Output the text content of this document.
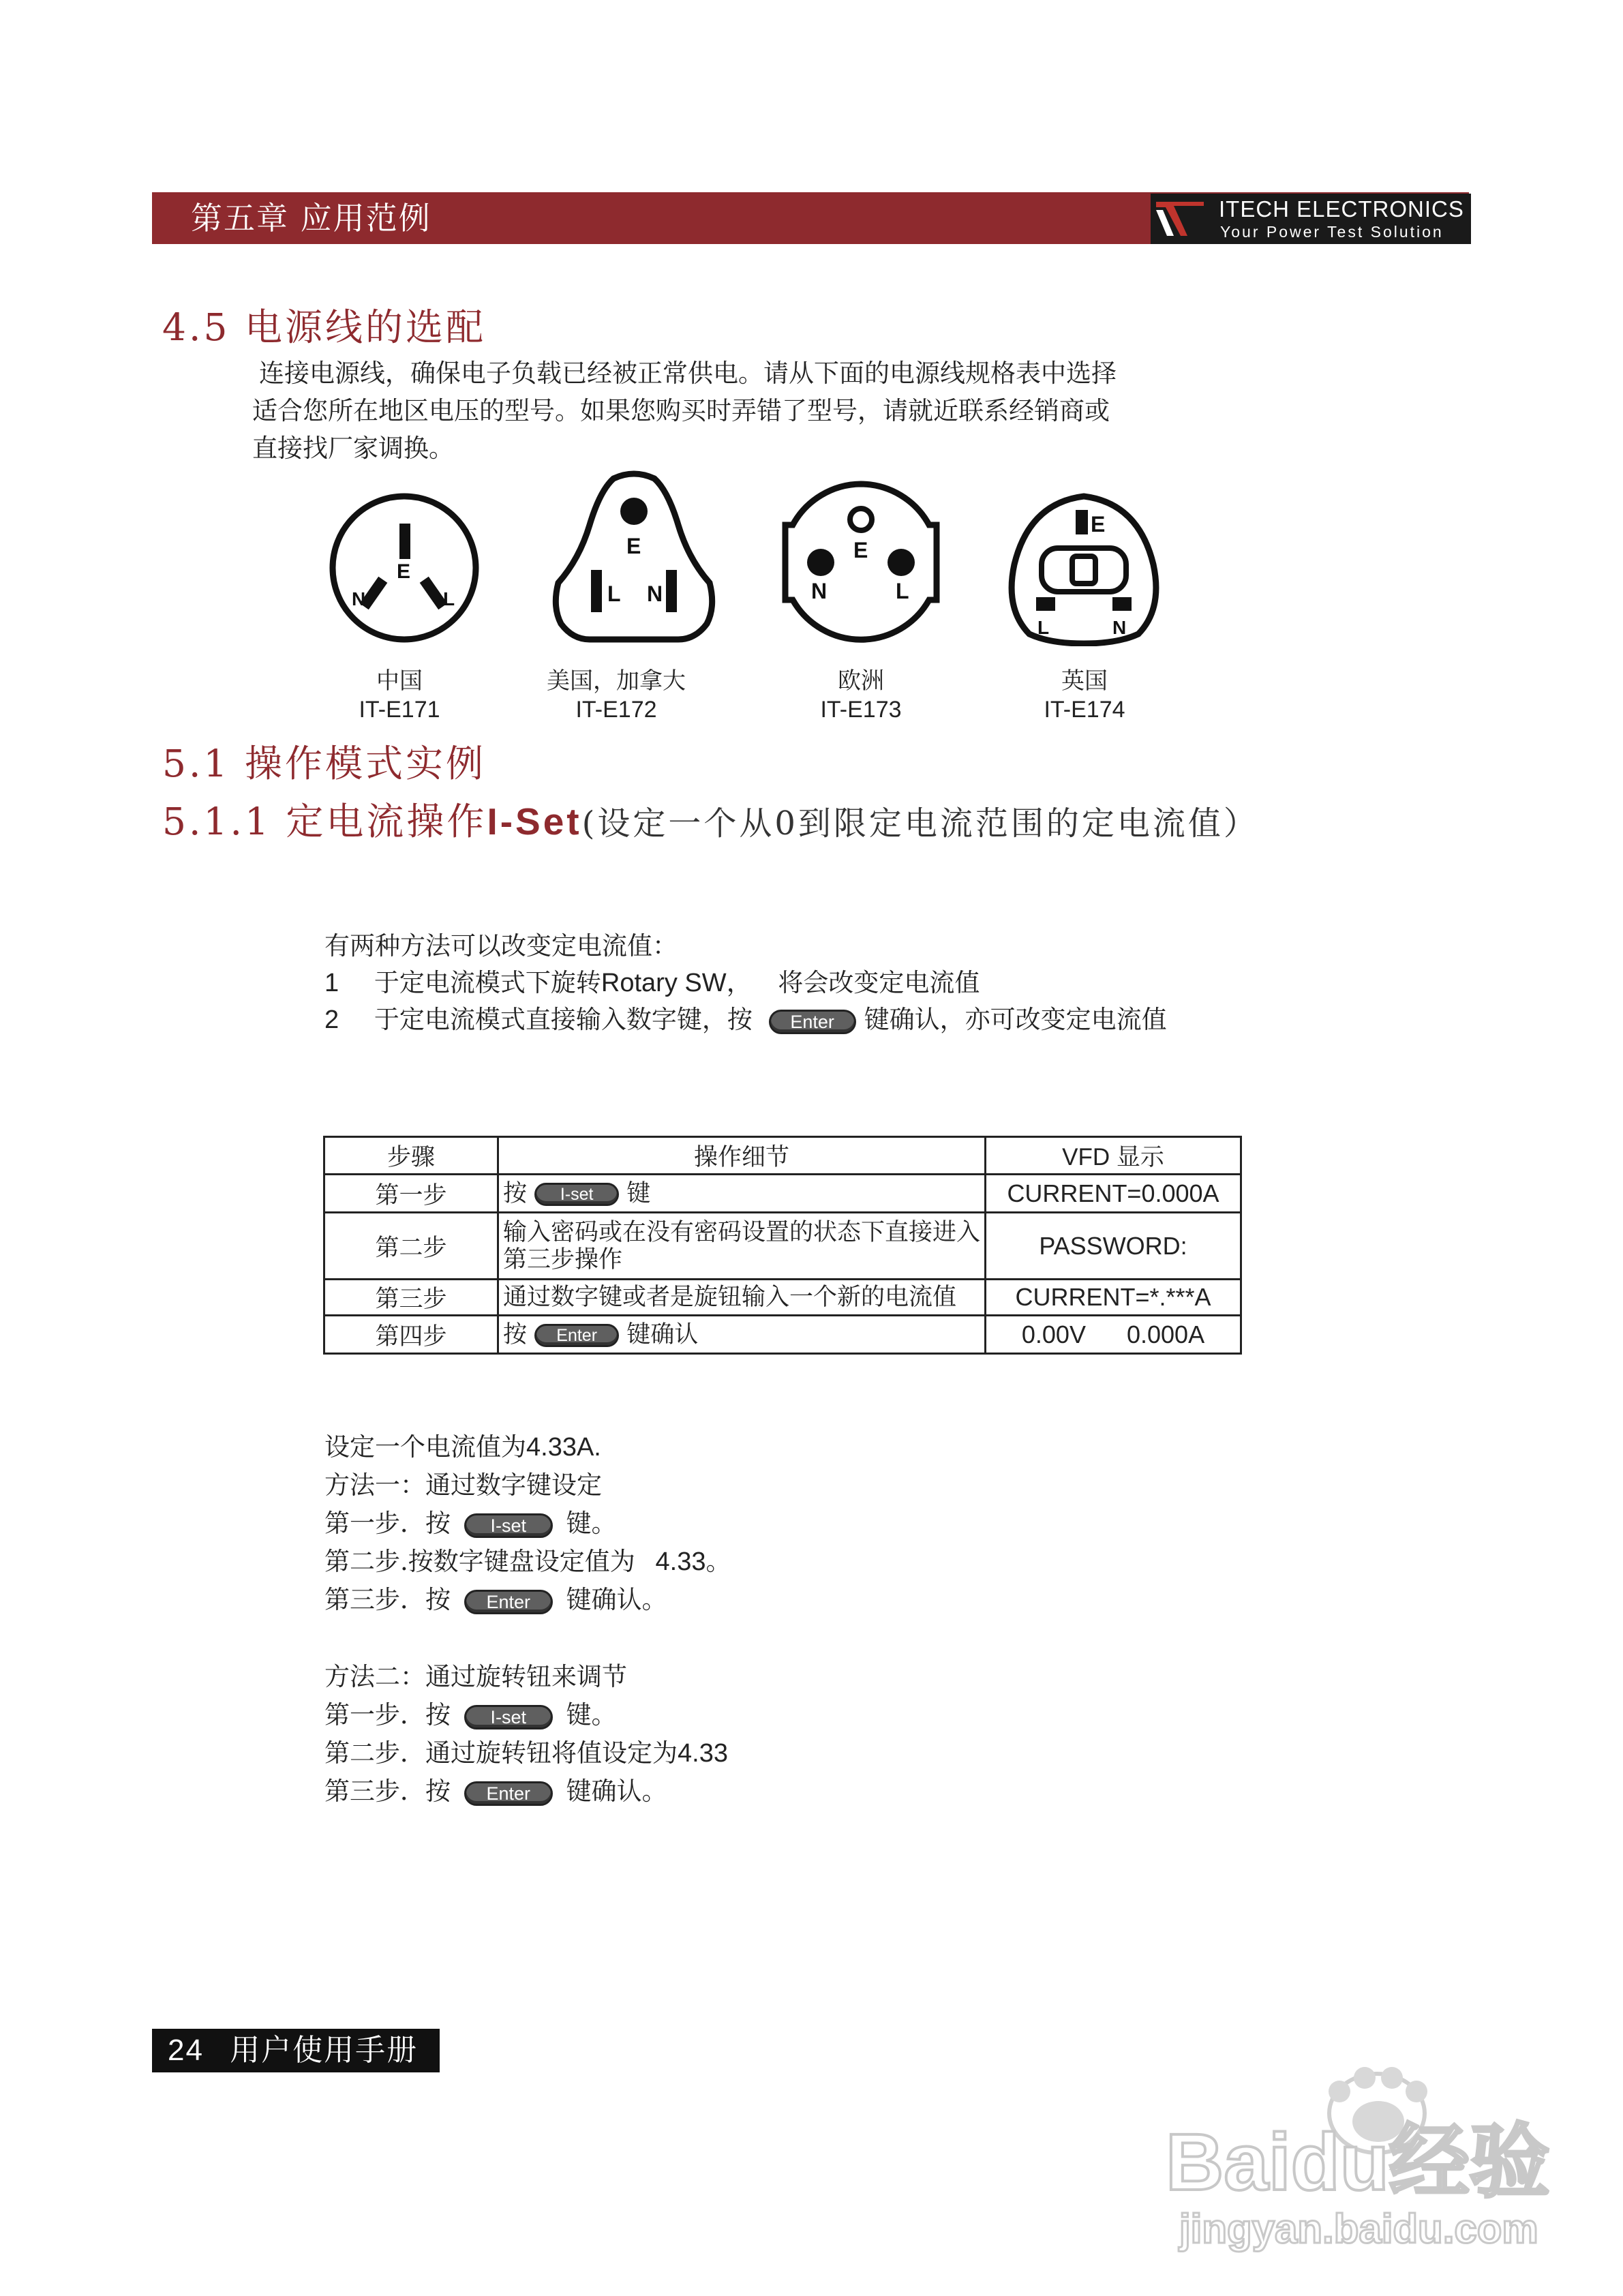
第五章 应用范例	ITECH ELECTRONICS
Your Power Test Solution
4.5 电源线的选配
连接电源线，确保电子负载已经被正常供电。请从下面的电源线规格表中选择
适合您所在地区电压的型号。如果您购买时弄错了型号，请就近联系经销商或
直接找厂家调换。
E
N	L
E
L N
E
N	L
E
L	N
中国
IT-E171
美国，加拿大
IT-E172
欧洲
IT-E173
英国
IT-E174
5.1 操作模式实例
5.1.1 定电流操作I-Set(设定一个从0到限定电流范围的定电流值）
有两种方法可以改变定电流值：
1 于定电流模式下旋转Rotary SW， 将会改变定电流值
2 于定电流模式直接输入数字键，按 Enter 键确认，亦可改变定电流值
步骤	操作细节	VFD 显示
第一步	按 I-set 键	CURRENT=0.000A
第二步	输入密码或在没有密码设置的状态下直接进入第三步操作	PASSWORD:
第三步	通过数字键或者是旋钮输入一个新的电流值	CURRENT=*.***A
第四步	按 Enter 键确认	0.00V      0.000A
设定一个电流值为4.33A.
方法一：通过数字键设定
第一步．按 I-set 键。
第二步.按数字键盘设定值为 4.33。
第三步．按 Enter 键确认。
方法二：通过旋转钮来调节
第一步．按 I-set 键。
第二步．通过旋转钮将值设定为4.33
第三步．按 Enter 键确认。
24 用户使用手册
Baidu经验
jingyan.baidu.com
